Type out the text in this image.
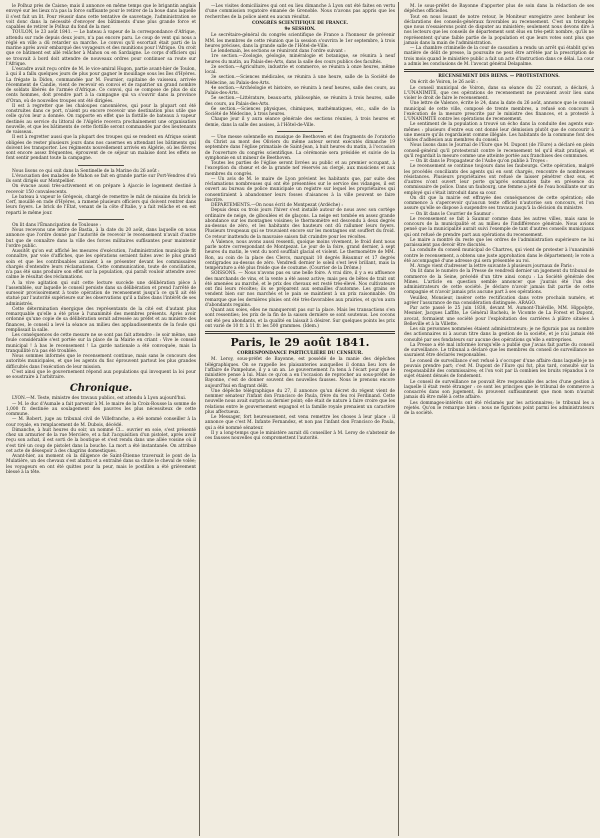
le Polhuz près de Caisne; mais il annonce en même temps que le brigantin anglais envoyé sur les lieux n'a pas la force suffisante pour le retirer de la boue dans laquelle il s'est fait un lit. Pour réussir dans cette tentative de sauvetage, l'administration se voit donc dans la nécessité d'envoyer des bâtiments d'une plus grande force et capables de retirer le Polhuz du fond de la mer.

TOULON, le 23 août 1841. — Le bateau à vapeur de la correspondance d'Afrique, attendu sur rade depuis deux jours, n'a pas encore paru. Le coup de vent qui nous a réglé en ville a dû retarder sa marche. Le convoi qu'il escortait était parti de la marine après avoir embarqué des voyageurs et des munitions pour l'Afrique. On croit que ce bâtiment est allé relâcher à Mahon ou en Sardaigne. Le corps d'officiers qui se trouvait à bord doit attendre de nouveaux ordres pour continuer sa route sur l'Afrique.

L'escadre avait reçu ordre de M. le vice-amiral Hugon, partie avant-hier de Toulon, à qui il a fallu quelques jours de plus pour gagner le mouillage sous les îles d'Hyères. La frégate la Didon, commandée par M. Fournier, capitaine de vaisseau, arrivée récemment de Candie, vient de recevoir en convoi et de rapatrier un grand nombre de soldats libérés de l'armée d'Afrique. Ce convoi, qui se compose de plus de six cents hommes, doit prendre part à la campagne qui va s'ouvrir dans la province d'Oran, où de nouvelles troupes ont été dirigées.

Il est à regretter que les chaloupes canonnières, qui pour la plupart ont été construites dans ce port, n'aient pu encore recevoir une destination plus utile que celle qu'on leur a donnée. On rapporte en effet que la flottille de bateaux à vapeur destinés au service du littoral de l'Algérie recevra prochainement une organisation nouvelle, et que les bâtiments de cette flottille seront commandés par des lieutenants de vaisseau.

Il est à regretter aussi que la plupart des troupes qui se rendent en Afrique soient obligées de rester plusieurs jours dans nos casernes en attendant les bâtiments qui doivent les transporter. Les régiments nouvellement arrivés en Algérie, où les fièvres sont encore assez fréquentes, éprouvent de ce séjour un malaise dont les effets se font sentir pendant toute la campagne.

Nous lisons ce qui suit dans la Sentinelle de la Marine du 26 août :

L'évacuation des malades de Mahon se fait en grande partie sur Port-Vendres d'où ils sont dirigés sur Montpellier.

On évacue aussi très-activement et on prépare à Ajaccio le logement destiné à recevoir 150 convalescents.

Le bateau à vapeur le Grégeois, chargé de remettre le mât de misaine du brick le Cerf, mouillé en rade d'Hyères, a ramené plusieurs officiers qui doivent rentrer dans leurs foyers. Le brick de l'État, venant de la côte d'Italie, y a fait relâche et en est reparti le même jour.

On lit dans l'Émancipation de Toulouse :

Nous recevons une lettre de Bastia, à la date du 20 août, dans laquelle on nous annonce que l'ordre donné par l'autorité de recevoir le recensement n'avait d'autre but que de connaître dans la ville des forces militaires suffisantes pour maintenir l'ordre public.

Aussitôt qu'on eut affiché les mesures d'exécution, l'administration municipale fit connaître, par voie d'affiches, que les opérations seraient faites avec le plus grand soin et que les contribuables auraient à se présenter devant les commissaires chargés d'entendre leurs réclamations. Cette communication, toute de conciliation, n'a pas été sans produire son effet sur la population, qui paraît vouloir attendre avec calme le résultat des réclamations.

A la vive agitation qui suit cette lecture succède une délibération pièce à l'assemblée, sur laquelle le conseil persiste dans sa délibération et prend l'arrêté de surseoir provisoirement à toute opération de recensement jusqu'à ce qu'il ait été statué par l'autorité supérieure sur les observations qu'il a faites dans l'intérêt de ses administrés.

Cette détermination énergique des représentants de la cité est d'autant plus remarquable qu'elle a été prise à l'unanimité des membres présents. Après avoir ordonné qu'une copie de sa délibération serait adressée au préfet et au ministre des finances, le conseil a levé la séance au milieu des applaudissements de la foule qui remplissait la salle.

Les conséquences de cette mesure ne se sont pas fait attendre : le soir même, une foule considérable s'est portée sur la place de la Mairie en criant : Vive le conseil municipal ! à bas le recensement ! La garde nationale a été convoquée, mais la tranquillité n'a pas été troublée.

Nous sommes informés que le recensement continue, mais sans le concours des autorités municipales, et que les agents du fisc éprouvent partout les plus grandes difficultés dans l'exécution de leur mission.

C'est ainsi que le gouvernement répond aux populations qui invoquent la loi pour se soustraire à l'arbitraire.

Chronique.

LYON.—M. Teste, ministre des travaux publics, est attendu à Lyon aujourd'hui.

— M. le duc d'Aumale a fait parvenir à M. le maire de la Croix-Rousse la somme de 1,000 fr. destinée au soulagement des pauvres les plus nécessiteux de cette commune.

— M. Robert, juge au tribunal civil de Villefranche, a été nommé conseiller à la cour royale, en remplacement de M. Dubois, décédé.

Dimanche, à huit heures du soir, un nommé Cl... ouvrier en soie, s'est présenté chez un armurier de la rue Mercière, et a fait l'acquisition d'un pistolet, après avoir reçu son achat, il est sorti de la boutique et s'est rendu dans une allée voisine où il s'est tiré un coup de pistolet dans la bouche. La mort a été instantanée. On attribue cet acte de désespoir à des chagrins domestiques.

Avant-hier, au moment où la diligence de Saint-Étienne traversait le pont de la Mulatière, un des chevaux s'est abattu et a entraîné dans sa chute le cheval de volée; les voyageurs en ont été quittes pour la peur, mais le postillon a été grièvement blessé à la tête.

—Les visites domiciliaires qui ont eu lieu dimanche à Lyon ont été faites en vertu d'une commission rogatoire émanée de Grenoble. Nous n'avons pas appris que les recherches de la police aient eu aucun résultat.

CONGRÈS SCIENTIFIQUE DE FRANCE.

9e SESSION.

Le secrétaire-général du congrès scientifique de France a l'honneur de prévenir MM. les membres de cette réunion que la session s'ouvrira le 1er septembre, à trois heures précises, dans la grande salle de l'Hôtel-de-Ville.

Le lendemain, les sections se réuniront dans l'ordre suivant :

1re section.—Zoologie, géologie, minéralogie et botanique, se réunira à neuf heures du matin, au Palais-des-Arts, dans la salle des cours publics des facultés.

2e section.—Agriculture, industrie et commerce, se réunira à onze heures, même local.

3e section.—Sciences médicales, se réunira à une heure, salle de la Société de Médecine, au Palais-des-Arts.

4e section.—Archéologie et histoire, se réunira à neuf heures, salle des cours, au Palais-des-Arts.

5e section.—Littérature, beaux-arts, philosophie, se réunira à trois heures, salle des cours, au Palais-des-Arts.

6e section.—Sciences physiques, chimiques, mathématiques, etc., salle de la Société de Médecine, à trois heures.

Chaque jour il y aura séance générale des sections réunies, à trois heures et demie, dans la salle des assises, à l'Hôtel-de-Ville.

— Une messe solennelle en musique de Beethoven et des fragments de l'oratorio du Christ au mont des Oliviers du même auteur seront exécutés dimanche 19 septembre dans l'église primatiale de Saint-Jean, à huit heures du matin, à l'occasion de l'ouverture du congrès scientifique. La cérémonie sera présidée et suivie de la symphonie en ut mineur de Beethoven.

Toutes les parties de l'église seront livrées au public et au premier occupant, à l'exception du chœur et de la grande nef réservés au clergé, aux musiciens et aux membres du congrès.

— Un avis de M. le maire de Lyon prévient les habitants que, par suite des réclamations nombreuses qui ont été présentées sur le service des vidanges, il est ouvert au bureau de police municipale un registre sur lequel les propriétaires qui consentiraient à abandonner leurs fosses d'aisances à la ville peuvent se faire inscrire.

DÉPARTEMENTS.—On nous écrit de Montpezat (Ardèche) :

Depuis deux ou trois jours l'hiver s'est installé autour de nous avec son cortège ordinaire de neige, de giboulées et de glaçons. La neige est tombée en assez grande abondance sur les montagnes voisines; le thermomètre est descendu à deux degrés au-dessus de zéro, et les habitants des hauteurs ont dû rallumer leurs foyers. Plusieurs troupeaux qui se trouvaient encore sur les montagnes ont souffert du froid. Ce retour inattendu de la mauvaise saison fait craindre pour les récoltes.

A Valence, nous avons aussi ressenti, quoique moins vivement, le froid dont nous parle notre correspondant de Montpezat. Le jour de la foire, grand dernier, à sept heures du matin, le vent du nord soufflait glacial et violent. Le thermomètre de MM. Ron, au coin de la place des Clercs, marquait 10 degrés Réaumur et 17 degrés centigrades au-dessus de zéro. Vendredi dernier le soleil s'est levé brillant, mais la température a été plus froide que de coutume. (Courrier de la Drôme.)

SOISSONS. — Nous n'avons pas eu une belle foire. A vrai dire, il y a eu affluence des marchands de vins, et la vente a été assez active; mais peu de bêtes de trait ont été amenées au marché, et le prix des chevaux est resté très-élevé. Nos cultivateurs ont fini leurs récoltes; ils se préparent aux semailles d'automne. Les grains se vendent bien sur nos marchés et le pain se maintient à un prix raisonnable. On remarque que les dernières pluies ont été très-favorables aux prairies, et qu'on aura d'abondants regains.

Quant aux soies, elles ne manqueront pas sur la place. Mais les transactions s'en sont ressenties; les prix de la fin de la saison dernière se sont soutenus. Les cocons ont été peu abondants, et la qualité en laissait à désirer. Sur quelques points les prix ont varié de 10 fr. à 11 fr. les 500 grammes. (Idem.)

Paris, le 29 août 1841.

CORRESPONDANCE PARTICULIÈRE DU CENSEUR.

M. Leroy, sous-préfet de Bayonne, est possédé de la manie des dépêches télégraphiques. On se rappelle les plaisanteries auxquelles il donna lieu lors de l'affaire de Pampelune, il y a un an. Le gouvernement l'a tenu à l'écart pour que le ministère pense à lui. Mais ce qu'on a en l'occasion de reprocher au sous-préfet de Bayonne, c'est de donner souvent des nouvelles fausses. Nous le prenons encore aujourd'hui en flagrant délit.

Une dépêche télégraphique du 27, il annonce qu'un décret du régent vient de nommer sénateur l'infant don Francisco de Paula, frère du feu roi Ferdinand. Cette nouvelle nous avait surpris au dernier point; elle était de nature à faire croire que les relations entre le gouvernement espagnol et la famille royale prenaient un caractère plus affectueux.

Le Messager, fort heureusement, est venu remettre les choses à leur place : il annonce que c'est M. Infante Fernandez, et non pas l'infant don Francisco de Paula, qui a été nommé sénateur.

Il y a long-temps que le ministère aurait dû conseiller à M. Leroy de s'abstenir de ces fausses nouvelles qui compromettent l'autorité.

M. le sous-préfet de Bayonne d'apporter plus de soin dans la rédaction de ses dépêches officielles.

Tout en nous louant de notre retour, le Moniteur enregistre avec bonheur les déclarations des conseils-généraux favorables au recensement. C'est un triomphe que nous n'essaierons point de disputer au ministère; seulement nous devons dire à nos lecteurs que les conseils de département sont élus en très-petit nombre, qu'ils ne représentent qu'une faible partie de la population et que leurs votes sont plus que jamais dans la main de l'administration.

— La chambre criminelle de la cour de cassation a rendu un arrêt qui établit qu'en matière de délit de presse, la poursuite ne peut être arrêtée par la prescription de trois mois quand le ministère public a fait un acte d'instruction dans ce délai. La cour a admis les conclusions de M. l'avocat général Delapalme.

RECENSEMENT DES BIENS. — PROTESTATIONS.

On écrit de Voiron, le 26 août :

Le conseil municipal de Voiron, dans sa séance du 22 courant, a déclaré, à L'UNANIMITÉ, que ces opérations de recensement ne pouvaient avoir lieu sans violer le droit de faire le recensement.

Une lettre de Valence, écrite le 24, dans la date du 26 août, annonce que le conseil municipal de cette ville, composé de trente membres, a refusé son concours à l'exécution de la mesure prescrite par le ministre des finances, et a protesté à L'UNANIMITÉ contre les opérations de recensement.

Le sentiment de la population a trouvé un écho dans la conduite des agents eux-mêmes : plusieurs d'entre eux ont donné leur démission plutôt que de concourir à une mesure qu'ils regardaient comme illégale. Les habitants de la commune font des visites d'adhésion aux membres du conseil.

Nous lisons dans le Journal de l'Eure que M. Dupont (de l'Eure) a déclaré en plein conseil-général qu'il protesterait contre le recensement tel qu'il était pratiqué, et qu'il regardait la mesure comme une atteinte portée aux franchises des communes.

— On lit dans le Propagateur de l'Aube qu'on publie à Troyes :

Le recensement se continue toujours dans les faubourgs. Cette opération, malgré les procédés conciliants des agents qui en sont chargés, rencontre de nombreuses résistances. Plusieurs propriétaires ont refusé de laisser pénétrer chez eux, et d'autres n'ont ouvert leur porte qu'après sommation faite en présence du commissaire de police. Dans un faubourg, une femme a jeté de l'eau bouillante sur un employé qui s'était introduit dans sa cour.

On dit que la mairie est effrayée des conséquences de cette opération; elle commence à s'apercevoir qu'aucun texte officiel n'autorise son concours, et l'on assure qu'elle se dispose à suspendre ses travaux jusqu'à la décision du ministre.

— On lit dans le Courrier de Saumur :

Le recensement se fait à Saumur comme dans les autres villes, mais sans le concours de la municipalité et au milieu de l'indifférence générale. Nous avions pensé que la municipalité aurait suivi l'exemple de tant d'autres conseils municipaux qui ont refusé de prendre part aux opérations du recensement.

Le maire a montré du reste que les ordres de l'administration supérieure ne lui paraissaient pas devoir être discutés.

La conduite du conseil municipal de Chartres, qui vient de protester à l'unanimité contre le recensement, a obtenu une juste approbation dans le département; le vote a été accompagné d'une adresse qui sera présentée au roi.

M. Arago vient d'adresser la lettre suivante à plusieurs journaux de Paris :

On lit dans le numéro de la Presse de vendredi dernier un jugement du tribunal de commerce de la Seine, précédé d'un titre ainsi conçu : La Société générale des Mines. L'article en question semble annoncer que j'aurais été l'un des administrateurs de cette société. Je déclare n'avoir jamais fait partie de cette compagnie et n'avoir jamais pris aucune part à ses opérations.

Veuillez, Monsieur, insérer cette rectification dans votre prochain numéro, et agréer l'assurance de ma considération distinguée. ARAGO.

Par acte passé le 25 juin 1838, devant M. Aumont-Thiéville, MM. Hippolyte, Mesnier, Jacques Laffite, Le Général Bachelu, le Vicomte de La Forest et Dupont, avocat, formaient une société pour l'exploitation des carrières à plâtre situées à Belleville et à la Villette.

Les six personnes nommées étaient administrateurs; je ne figurais pas au nombre des actionnaires ni à aucun titre dans la gestion de la société, et je n'ai jamais été consulté par ses fondateurs sur aucune des opérations qu'elle a entreprises.

La Presse a été mal informée lorsqu'elle a publié que j'avais fait partie du conseil de surveillance. Le tribunal a déclaré que les membres du conseil de surveillance ne sauraient être déclarés responsables.

Le conseil de surveillance s'est refusé à s'occuper d'une affaire dans laquelle je ne pouvais prendre part; c'est M. Dupont de l'Eure qui fut, plus tard, consulté sur la responsabilité des commissaires; et l'on voit par là combien les bruits répandus à ce sujet étaient dénués de fondement.

Le conseil de surveillance ne pouvait être responsable des actes d'une gestion à laquelle il était resté étranger : ce sont les principes que le tribunal de commerce a consacrés dans son jugement, ils prouvent suffisamment que mon nom n'aurait jamais dû être mêlé à cette affaire.

Les dommages-intérêts ont été réclamés par les actionnaires; le tribunal les a rejetés. Qu'on le remarque bien : nous ne figurions point parmi les administrateurs de la société.
